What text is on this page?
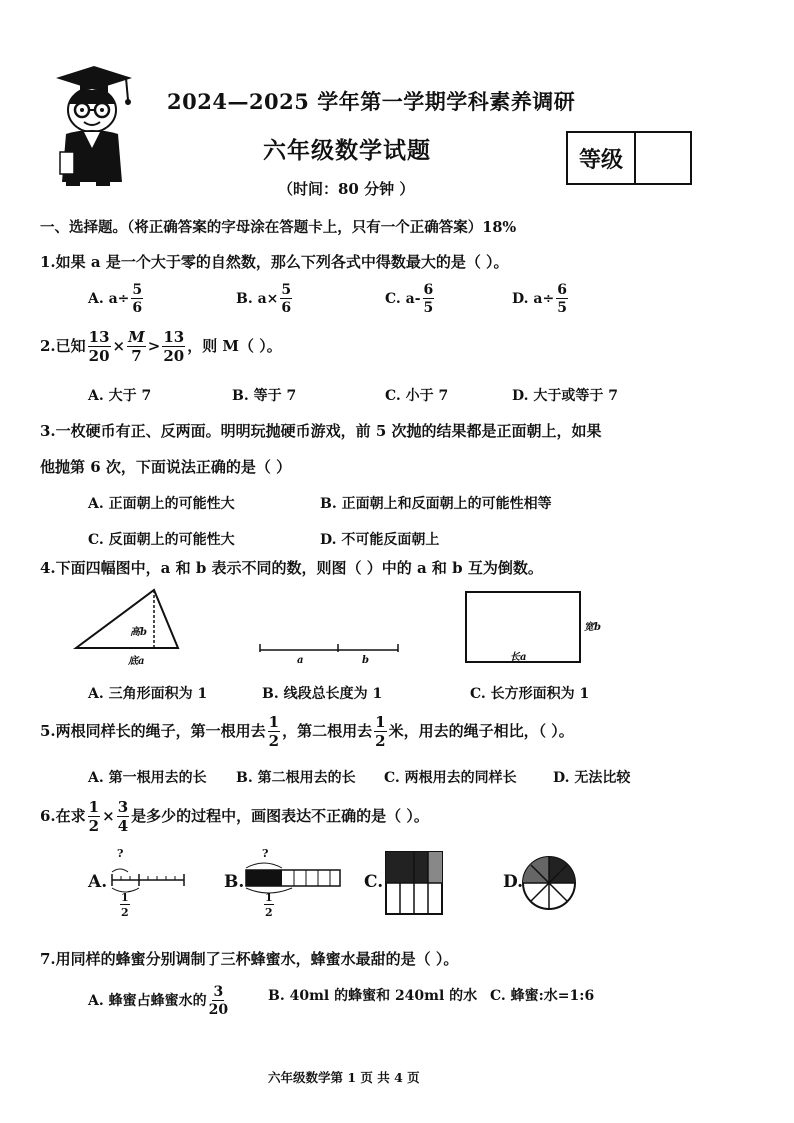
2024—2025 学年第一学期学科素养调研
六年级数学试题
（时间：80 分钟 ）
等级
一、选择题。（将正确答案的字母涂在答题卡上，只有一个正确答案）18%
1.如果 a 是一个大于零的自然数，那么下列各式中得数最大的是（ ）。
A. $a\div \frac{5}{6}$	B. $a\times \frac{5}{6}$	C. $a- \frac{6}{5}$	D. $a\div \frac{6}{5}$
2.已知 $\frac{13}{20} \times \frac{M}{7} > \frac{13}{20}$ ，则 M（ ）。
A. 大于 7	B. 等于 7	C. 小于 7	D. 大于或等于 7
3.一枚硬币有正、反两面。明明玩抛硬币游戏，前 5 次抛的结果都是正面朝上，如果
他抛第 6 次，下面说法正确的是（ ）
A. 正面朝上的可能性大	B. 正面朝上和反面朝上的可能性相等
C. 反面朝上的可能性大	D. 不可能反面朝上
4.下面四幅图中，a 和 b 表示不同的数，则图（ ）中的 a 和 b 互为倒数。
高b
底a	a	b
宽b
长a
A. 三角形面积为 1	B. 线段总长度为 1	C. 长方形面积为 1
5.两根同样长的绳子，第一根用去 $\frac{1}{2}$ ，第二根用去 $\frac{1}{2}$ 米，用去的绳子相比，（ ）。
A. 第一根用去的长 B. 第二根用去的长 C. 两根用去的同样长	D. 无法比较
6.在求 $\frac{1}{2} \times \frac{3}{4}$ 是多少的过程中，画图表达不正确的是（ ）。
A.
?
$\frac{1}{2}$
B.
?
$\frac{1}{2}$
C.	D.
7.用同样的蜂蜜分别调制了三杯蜂蜜水，蜂蜜水最甜的是（ ）。
A. 蜂蜜占蜂蜜水的 $\frac{3}{20}$	B. 40ml 的蜂蜜和 240ml 的水 C. 蜂蜜:水=1:6
六年级数学第 1 页 共 4 页
